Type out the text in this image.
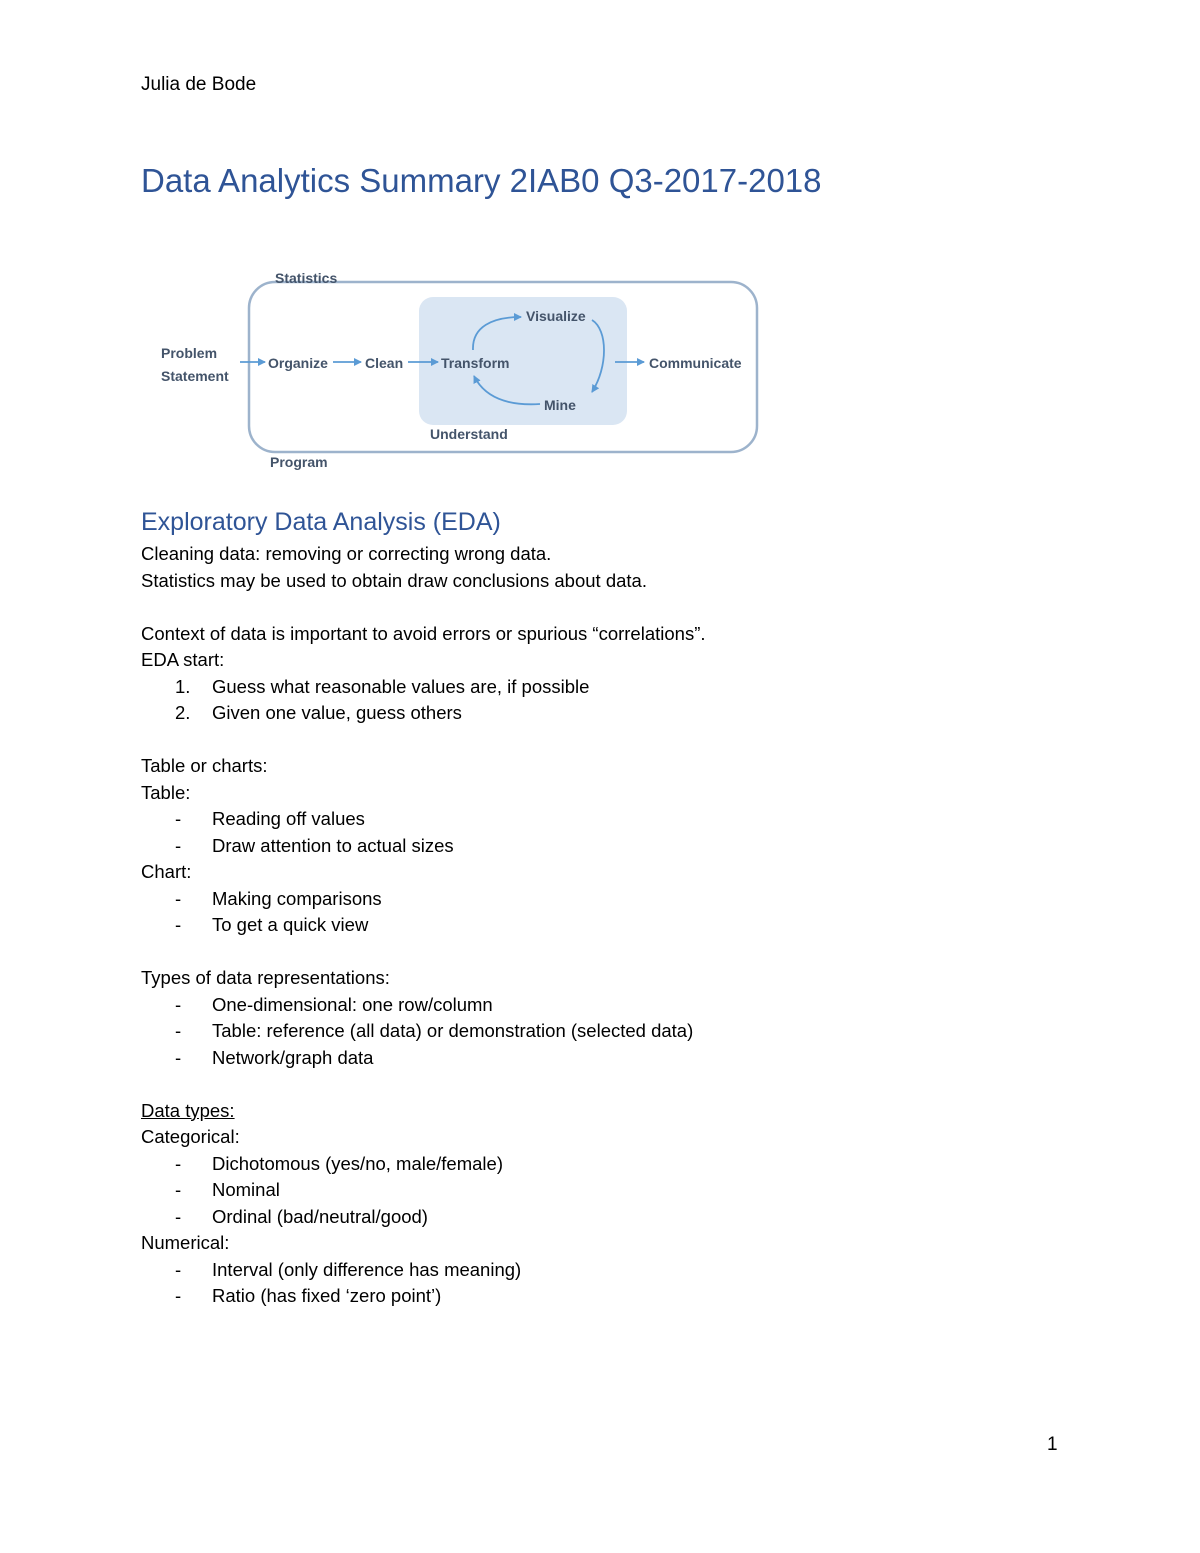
Julia de Bode
Data Analytics Summary 2IAB0 Q3-2017-2018
Statistics
Program
Problem
Statement
Organize	Clean	Transform
Visualize
Mine
Understand
Communicate
Exploratory Data Analysis (EDA)
Cleaning data: removing or correcting wrong data.
Statistics may be used to obtain draw conclusions about data.
Context of data is important to avoid errors or spurious “correlations”.
EDA start:
1. Guess what reasonable values are, if possible
2. Given one value, guess others
Table or charts:
Table:
- Reading off values
- Draw attention to actual sizes
Chart:
- Making comparisons
- To get a quick view
Types of data representations:
- One-dimensional: one row/column
- Table: reference (all data) or demonstration (selected data)
- Network/graph data
Data types:
Categorical:
- Dichotomous (yes/no, male/female)
- Nominal
- Ordinal (bad/neutral/good)
Numerical:
- Interval (only difference has meaning)
- Ratio (has fixed ‘zero point’)
1
